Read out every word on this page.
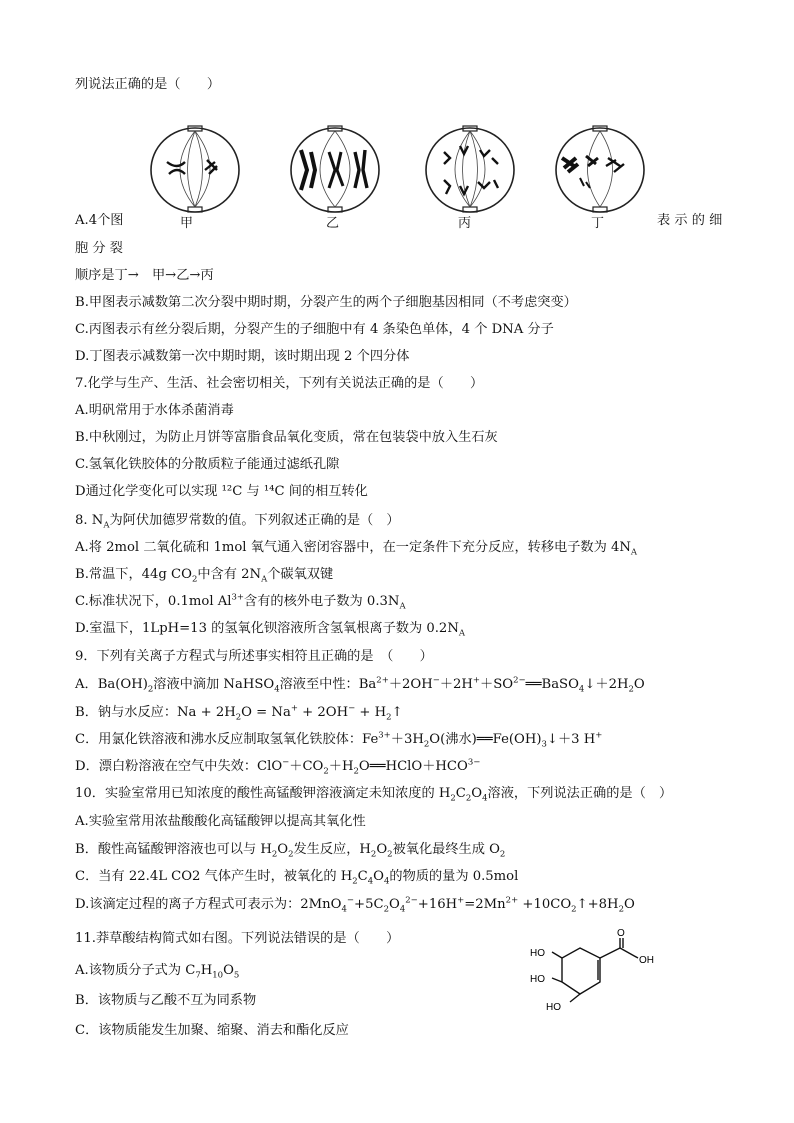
列说法正确的是（　　）
甲	乙	丙	丁
A.4个图	表 示 的 细
胞 分 裂
顺序是丁→　甲→乙→丙
B.甲图表示减数第二次分裂中期时期，分裂产生的两个子细胞基因相同（不考虑突变）
C.丙图表示有丝分裂后期，分裂产生的子细胞中有 4 条染色单体，4 个 DNA 分子
D.丁图表示减数第一次中期时期，该时期出现 2 个四分体
7.化学与生产、生活、社会密切相关，下列有关说法正确的是（　　）
A.明矾常用于水体杀菌消毒
B.中秋刚过，为防止月饼等富脂食品氧化变质，常在包装袋中放入生石灰
C.氢氧化铁胶体的分散质粒子能通过滤纸孔隙
D通过化学变化可以实现 ¹²C 与 ¹⁴C 间的相互转化
8. $N_A$为阿伏加德罗常数的值。下列叙述正确的是（　）
A.将 2mol 二氧化硫和 1mol 氧气通入密闭容器中，在一定条件下充分反应，转移电子数为 $4N_A$
B.常温下，44g $CO_2$中含有 $2N_A$个碳氧双键
C.标准状况下，0.1mol $Al^{3+}$含有的核外电子数为 $0.3N_A$
D.室温下，1LpH=13 的氢氧化钡溶液所含氢氧根离子数为 $0.2N_A$
9．下列有关离子方程式与所述事实相符且正确的是　（　　）
A．$Ba(OH)_2$溶液中滴加 NaHSO$_4$溶液至中性：$Ba^{2+}+2OH^-+2H^++SO^{2-}══BaSO_4↓+2H_2O$
B．钠与水反应：$Na + 2H_2O = Na^+ + 2OH^-$ + $H_2↑$
C．用氯化铁溶液和沸水反应制取氢氧化铁胶体：$Fe^{3+}+3H_2O$(沸水)$══Fe(OH)_3↓+3$ H+
D．漂白粉溶液在空气中失效：$ClO^-+CO_2+H_2O══HClO+HCO^{3-}$
10．实验室常用已知浓度的酸性高锰酸钾溶液滴定未知浓度的 $H_2C_2O_4$溶液，下列说法正确的是（　）
A.实验室常用浓盐酸酸化高锰酸钾以提高其氧化性
B．酸性高锰酸钾溶液也可以与 $H_2O_2$发生反应，$H_2O_2$被氧化最终生成 $O_2$
C．当有 22.4L CO2 气体产生时，被氧化的 $H_2C_4O_4$的物质的量为 0.5mol
D.该滴定过程的离子方程式可表示为：$2MnO_4^-+5C_2O_4^{2-}+16H^+=2Mn^{2+}$ $+10CO_2↑+8H_2O$
11.莽草酸结构简式如右图。下列说法错误的是（　　）
A.该物质分子式为 $C_7H_{10}O_5$
B．该物质与乙酸不互为同系物
C．该物质能发生加聚、缩聚、消去和酯化反应
HO
HO
HO
O
OH
